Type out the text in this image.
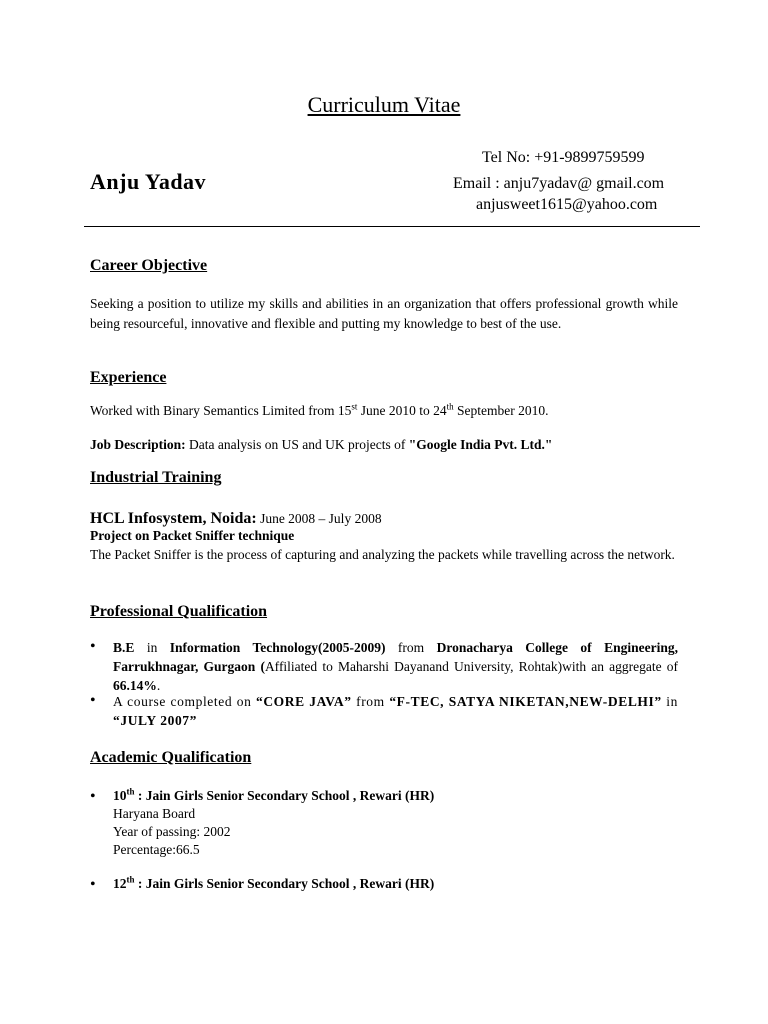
Curriculum Vitae
Tel No: +91-9899759599
Anju Yadav	Email : anju7yadav@ gmail.com
anjusweet1615@yahoo.com
Career Objective
Seeking a position to utilize my skills and abilities in an organization that offers professional growth while being resourceful, innovative and flexible and putting my knowledge to best of the use.
Experience
Worked with Binary Semantics Limited from 15st June 2010 to 24th September 2010.
Job Description: Data analysis on US and UK projects of "Google India Pvt. Ltd."
Industrial Training
HCL Infosystem, Noida: June 2008 – July 2008
Project on Packet Sniffer technique
The Packet Sniffer is the process of capturing and analyzing the packets while travelling across the network.
Professional Qualification
• B.E in Information Technology(2005-2009) from Dronacharya College of Engineering, Farrukhnagar, Gurgaon (Affiliated to Maharshi Dayanand University, Rohtak)with an aggregate of 66.14%.
• A course completed on “CORE JAVA” from “F-TEC, SATYA NIKETAN,NEW-DELHI” in “JULY 2007”
Academic Qualification
• 10th : Jain Girls Senior Secondary School , Rewari (HR)
Haryana Board
Year of passing: 2002
Percentage:66.5
• 12th : Jain Girls Senior Secondary School , Rewari (HR)
